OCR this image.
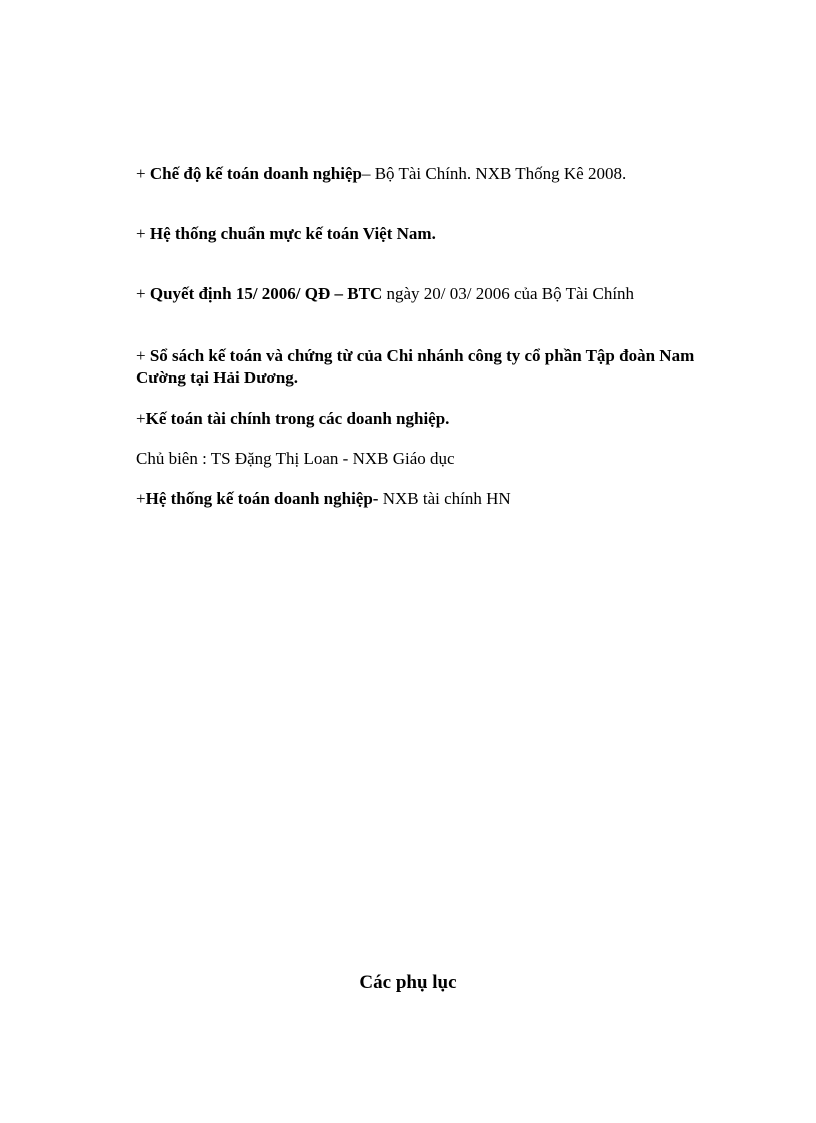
+ Chế độ kế toán doanh nghiệp– Bộ Tài Chính. NXB Thống Kê 2008.
+ Hệ thống chuẩn mực kế toán Việt Nam.
+ Quyết định 15/ 2006/ QĐ – BTC ngày 20/ 03/ 2006 của Bộ Tài Chính
+ Sổ sách kế toán và chứng từ của Chi nhánh công ty cổ phần Tập đoàn Nam Cường tại Hải Dương.
+Kế toán tài chính trong các doanh nghiệp.
Chủ biên : TS Đặng Thị Loan - NXB Giáo dục
+Hệ thống kế toán doanh nghiệp- NXB tài chính HN
Các phụ lục
